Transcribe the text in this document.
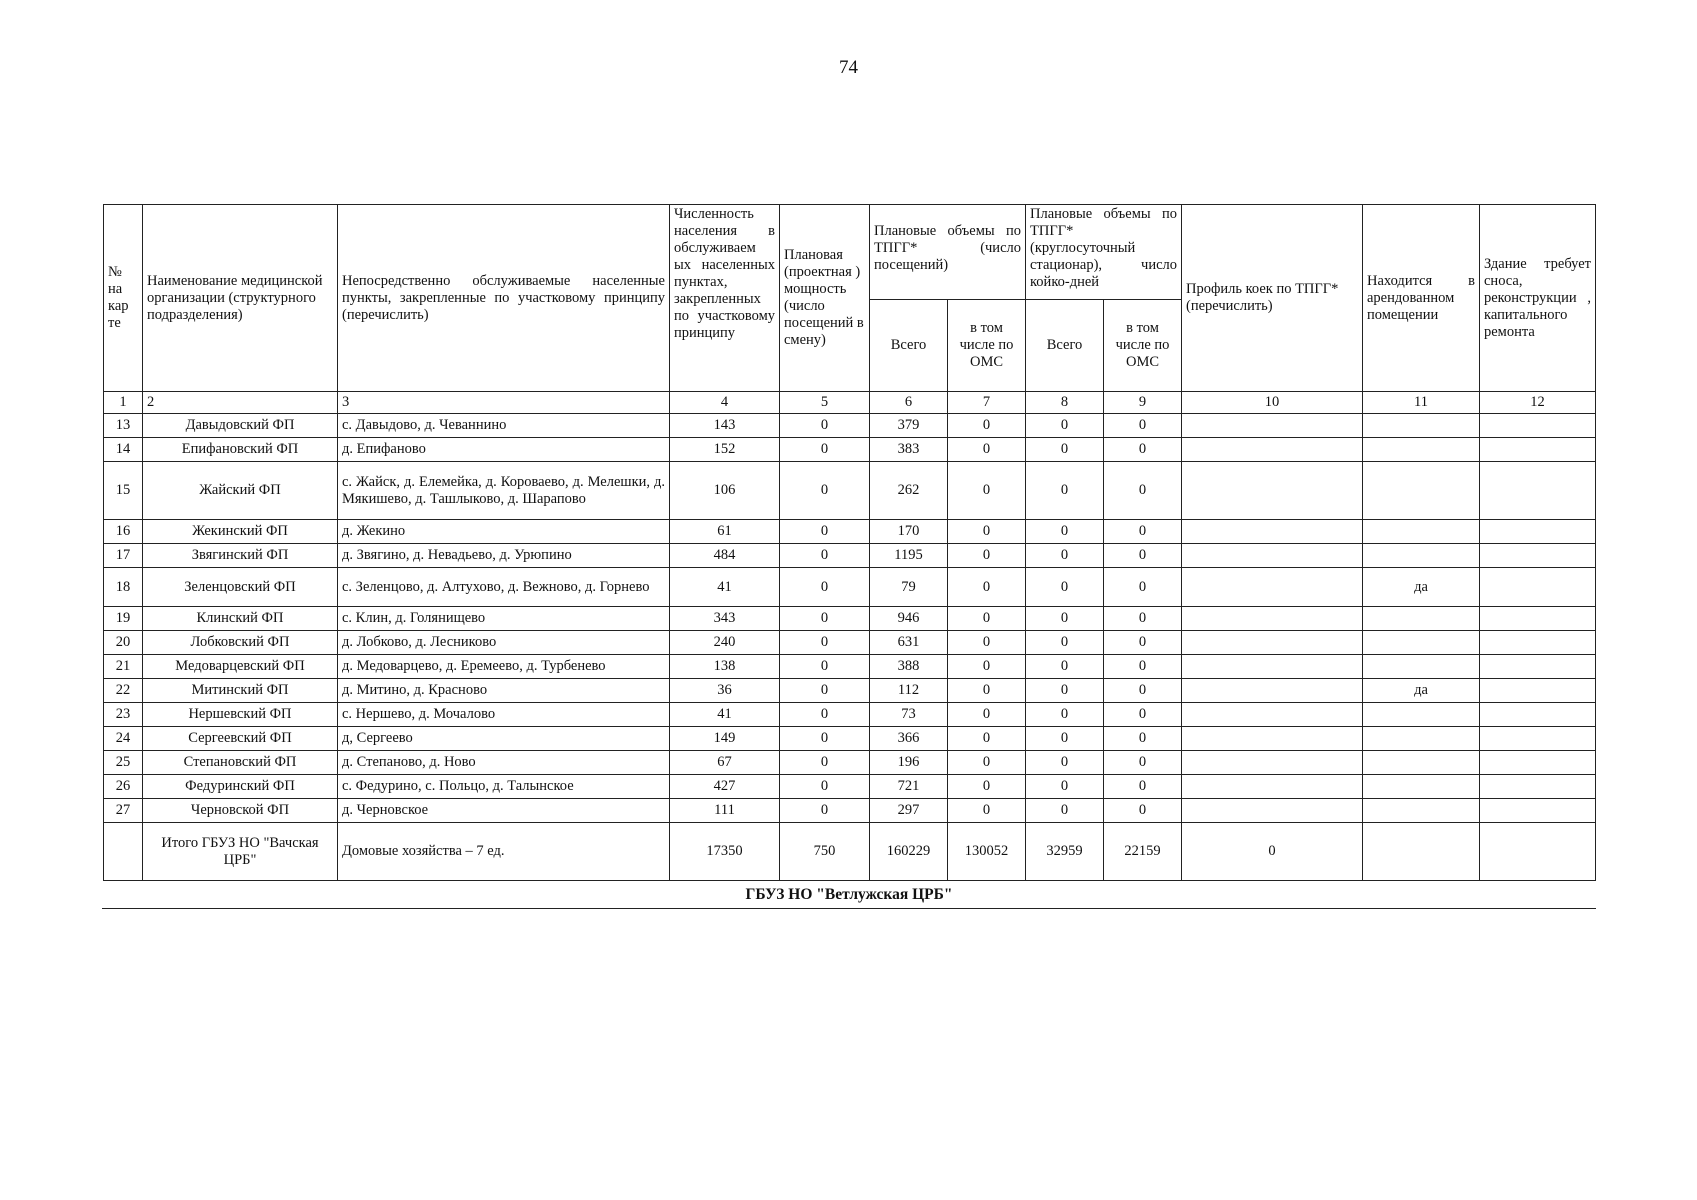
74
№ на кар те	Наименование медицинской организации (структурного подразделения)	Непосредственно обслуживаемые населенные пункты, закрепленные по участковому принципу (перечислить)	Численность населения в обслуживаем ых населенных пунктах, закрепленных по участковому принципу	Плановая (проектная ) мощность (число посещений в смену)	Плановые объемы по ТПГГ* (число посещений)		Плановые объемы по ТПГГ* (круглосуточный стационар), число койко-дней		Профиль коек по ТПГГ* (перечислить)	Находится в арендованном помещении	Здание требует сноса, реконструкции , капитального ремонта
					Всего	в том числе по ОМС	Всего	в том числе по ОМС			
1	2	3	4	5	6	7	8	9	10	11	12
13	Давыдовский ФП	с. Давыдово, д. Чеваннино	143	0	379	0	0	0			
14	Епифановский ФП	д. Епифаново	152	0	383	0	0	0			
15	Жайский ФП	с. Жайск, д. Елемейка, д. Короваево, д. Мелешки, д. Мякишево, д. Ташлыково, д. Шарапово	106	0	262	0	0	0			
16	Жекинский ФП	д. Жекино	61	0	170	0	0	0			
17	Звягинский ФП	д. Звягино, д. Невадьево, д. Урюпино	484	0	1195	0	0	0			
18	Зеленцовский ФП	с. Зеленцово, д. Алтухово, д. Вежново, д. Горнево	41	0	79	0	0	0		да	
19	Клинский ФП	с. Клин, д. Голянищево	343	0	946	0	0	0			
20	Лобковский ФП	д. Лобково, д. Лесниково	240	0	631	0	0	0			
21	Медоварцевский ФП	д. Медоварцево, д. Еремеево, д. Турбенево	138	0	388	0	0	0			
22	Митинский ФП	д. Митино, д. Красново	36	0	112	0	0	0		да	
23	Нершевский ФП	с. Нершево, д. Мочалово	41	0	73	0	0	0			
24	Сергеевский ФП	д, Сергеево	149	0	366	0	0	0			
25	Степановский ФП	д. Степаново, д. Ново	67	0	196	0	0	0			
26	Федуринский ФП	с. Федурино, с. Польцо, д. Талынское	427	0	721	0	0	0			
27	Черновской ФП	д. Черновское	111	0	297	0	0	0			
	Итого ГБУЗ НО "Вачская ЦРБ"	Домовые хозяйства – 7 ед.	17350	750	160229	130052	32959	22159	0		
ГБУЗ НО "Ветлужская ЦРБ"
